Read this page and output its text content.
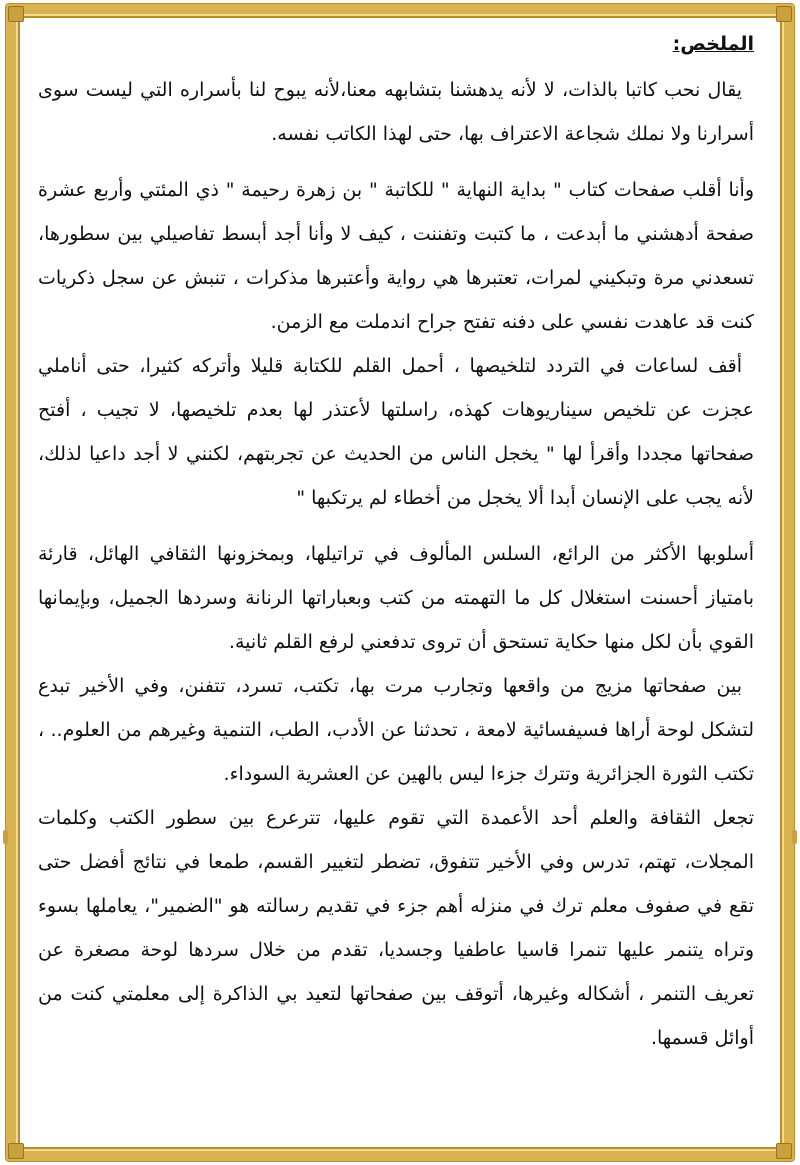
الملخص:

يقال نحب كاتبا بالذات، لا لأنه يدهشنا بتشابهه معنا،لأنه يبوح لنا بأسراره التي ليست سوى أسرارنا ولا نملك شجاعة الاعتراف بها، حتى لهذا الكاتب نفسه.

وأنا أقلب صفحات كتاب " بداية النهاية " للكاتبة " بن زهرة رحيمة " ذي المئتي وأربع عشرة صفحة أدهشني ما أبدعت ، ما كتبت وتفننت ، كيف لا وأنا أجد أبسط تفاصيلي بين سطورها، تسعدني مرة وتبكيني لمرات، تعتبرها هي رواية وأعتبرها مذكرات ، تنبش عن سجل ذكريات كنت قد عاهدت نفسي على دفنه تفتح جراح اندملت مع الزمن.

أقف لساعات في التردد لتلخيصها ، أحمل القلم للكتابة قليلا وأتركه كثيرا، حتى أناملي عجزت عن تلخيص سيناريوهات كهذه، راسلتها لأعتذر لها بعدم تلخيصها، لا تجيب ، أفتح صفحاتها مجددا وأقرأ لها " يخجل الناس من الحديث عن تجربتهم، لكنني لا أجد داعيا لذلك، لأنه يجب على الإنسان أبدا ألا يخجل من أخطاء لم يرتكبها "

أسلوبها الأكثر من الرائع، السلس المألوف في تراتيلها، وبمخزونها الثقافي الهائل، قارئة بامتياز أحسنت استغلال كل ما التهمته من كتب وبعباراتها الرنانة وسردها الجميل، وبإيمانها القوي بأن لكل منها حكاية تستحق أن تروى تدفعني لرفع القلم ثانية.

بين صفحاتها مزيج من واقعها وتجارب مرت بها، تكتب، تسرد، تتفنن، وفي الأخير تبدع لتشكل لوحة أراها فسيفسائية لامعة ، تحدثنا عن الأدب، الطب، التنمية وغيرهم من العلوم.. ، تكتب الثورة الجزائرية وتترك جزءا ليس بالهين عن العشرية السوداء.

تجعل الثقافة والعلم أحد الأعمدة التي تقوم عليها، تترعرع بين سطور الكتب وكلمات المجلات، تهتم، تدرس وفي الأخير تتفوق، تضطر لتغيير القسم، طمعا في نتائج أفضل حتى تقع في صفوف معلم ترك في منزله أهم جزء في تقديم رسالته هو "الضمير"، يعاملها بسوء وتراه يتنمر عليها تنمرا قاسيا عاطفيا وجسديا، تقدم من خلال سردها لوحة مصغرة عن تعريف التنمر ، أشكاله وغيرها، أتوقف بين صفحاتها لتعيد بي الذاكرة إلى معلمتي كنت من أوائل قسمها.
